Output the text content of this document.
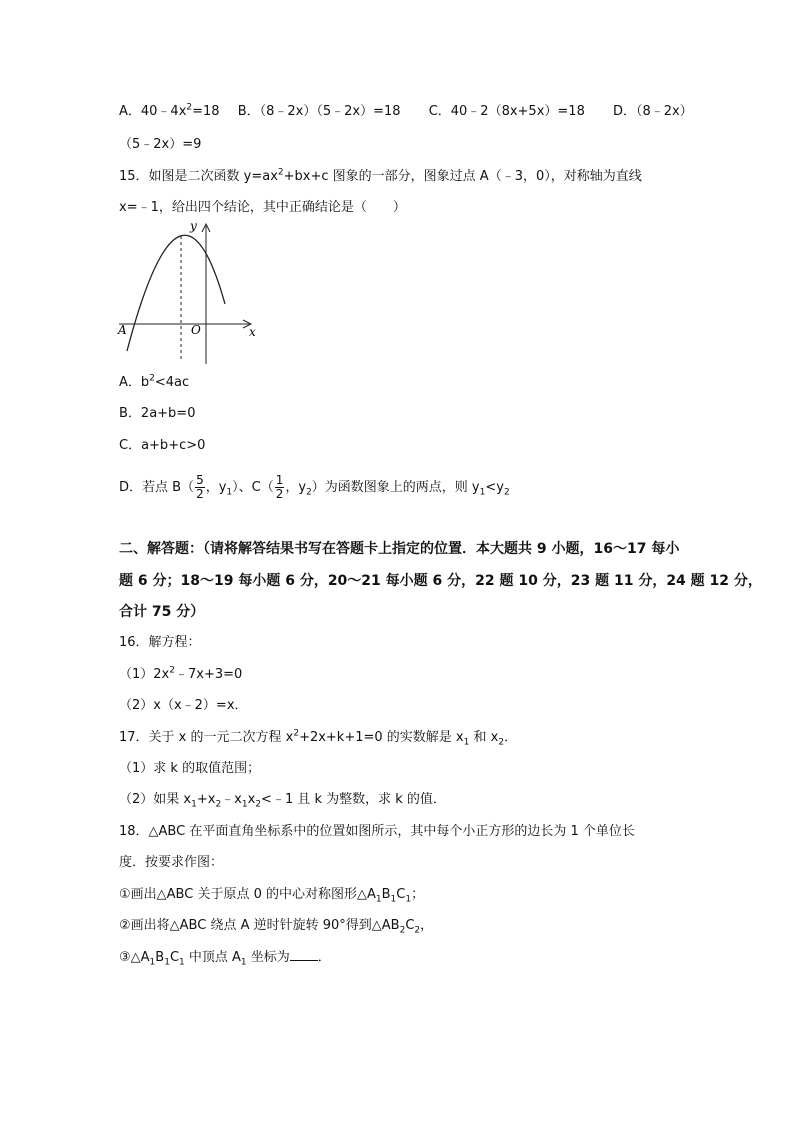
A．$40﹣4x^2=18$ B．（8﹣2x）（5﹣2x）=18 C．40﹣2（8x+5x）=18 D．（8﹣2x）
（5﹣2x）=9
15．如图是二次函数 $y=ax^2+bx+c$ 图象的一部分，图象过点 A（﹣3，0），对称轴为直线
x=﹣1，给出四个结论，其中正确结论是（　　）
y
x
O
A
A．$b^2<4ac$
B．2a+b=0
C．a+b+c>0
D．若点 $B( \frac{5}{2}$ ，$y_1$）、$C( \frac{1}{2}$ ，$y_2$）为函数图象上的两点，则 $y_1<y_2$
二、解答题：（请将解答结果书写在答题卡上指定的位置．本大题共 9 小题，16～17 每小
题 6 分；18～19 每小题 6 分，20～21 每小题 6 分，22 题 10 分，23 题 11 分，24 题 12 分，
合计 75 分）
16．解方程：
$(1)2x^2﹣7x+3=0$
（2）x（x﹣2）=x．
17．关于 x 的一元二次方程 $x^2+2x+k+1=0$ 的实数解是 $x_1$ 和 $x_2$．
（1）求 k 的取值范围；
（2）如果 $x_1+x_2﹣x_1x_2<﹣1$ 且 k 为整数，求 k 的值．
18．△ABC 在平面直角坐标系中的位置如图所示，其中每个小正方形的边长为 1 个单位长
度．按要求作图：
①画出△ABC 关于原点 0 的中心对称图形$\triangle A_1B_1C_1$；
②画出将△ABC 绕点 A 逆时针旋转 90°得到$\triangle AB_2C_2$，
$③\triangle A_1B_1C_1$ 中顶点 $A_1$ 坐标为 ．
